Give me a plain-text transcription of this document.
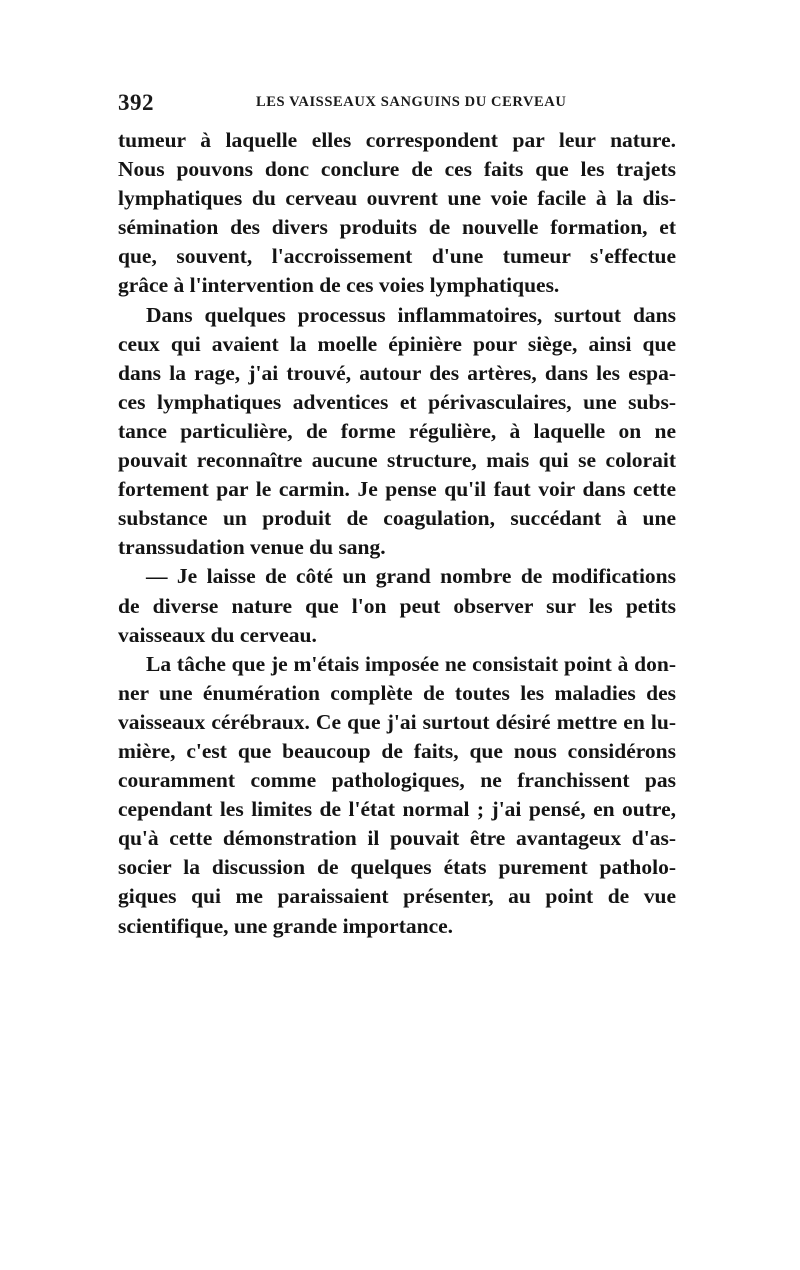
392	LES VAISSEAUX SANGUINS DU CERVEAU
tumeur à laquelle elles correspondent par leur nature.
Nous pouvons donc conclure de ces faits que les trajets
lymphatiques du cerveau ouvrent une voie facile à la dis-
sémination des divers produits de nouvelle formation, et
que, souvent, l'accroissement d'une tumeur s'effectue
grâce à l'intervention de ces voies lymphatiques.
Dans quelques processus inflammatoires, surtout dans
ceux qui avaient la moelle épinière pour siège, ainsi que
dans la rage, j'ai trouvé, autour des artères, dans les espa-
ces lymphatiques adventices et périvasculaires, une subs-
tance particulière, de forme régulière, à laquelle on ne
pouvait reconnaître aucune structure, mais qui se colorait
fortement par le carmin. Je pense qu'il faut voir dans cette
substance un produit de coagulation, succédant à une
transsudation venue du sang.
— Je laisse de côté un grand nombre de modifications
de diverse nature que l'on peut observer sur les petits
vaisseaux du cerveau.
La tâche que je m'étais imposée ne consistait point à don-
ner une énumération complète de toutes les maladies des
vaisseaux cérébraux. Ce que j'ai surtout désiré mettre en lu-
mière, c'est que beaucoup de faits, que nous considérons
couramment comme pathologiques, ne franchissent pas
cependant les limites de l'état normal ; j'ai pensé, en outre,
qu'à cette démonstration il pouvait être avantageux d'as-
socier la discussion de quelques états purement patholo-
giques qui me paraissaient présenter, au point de vue
scientifique, une grande importance.
